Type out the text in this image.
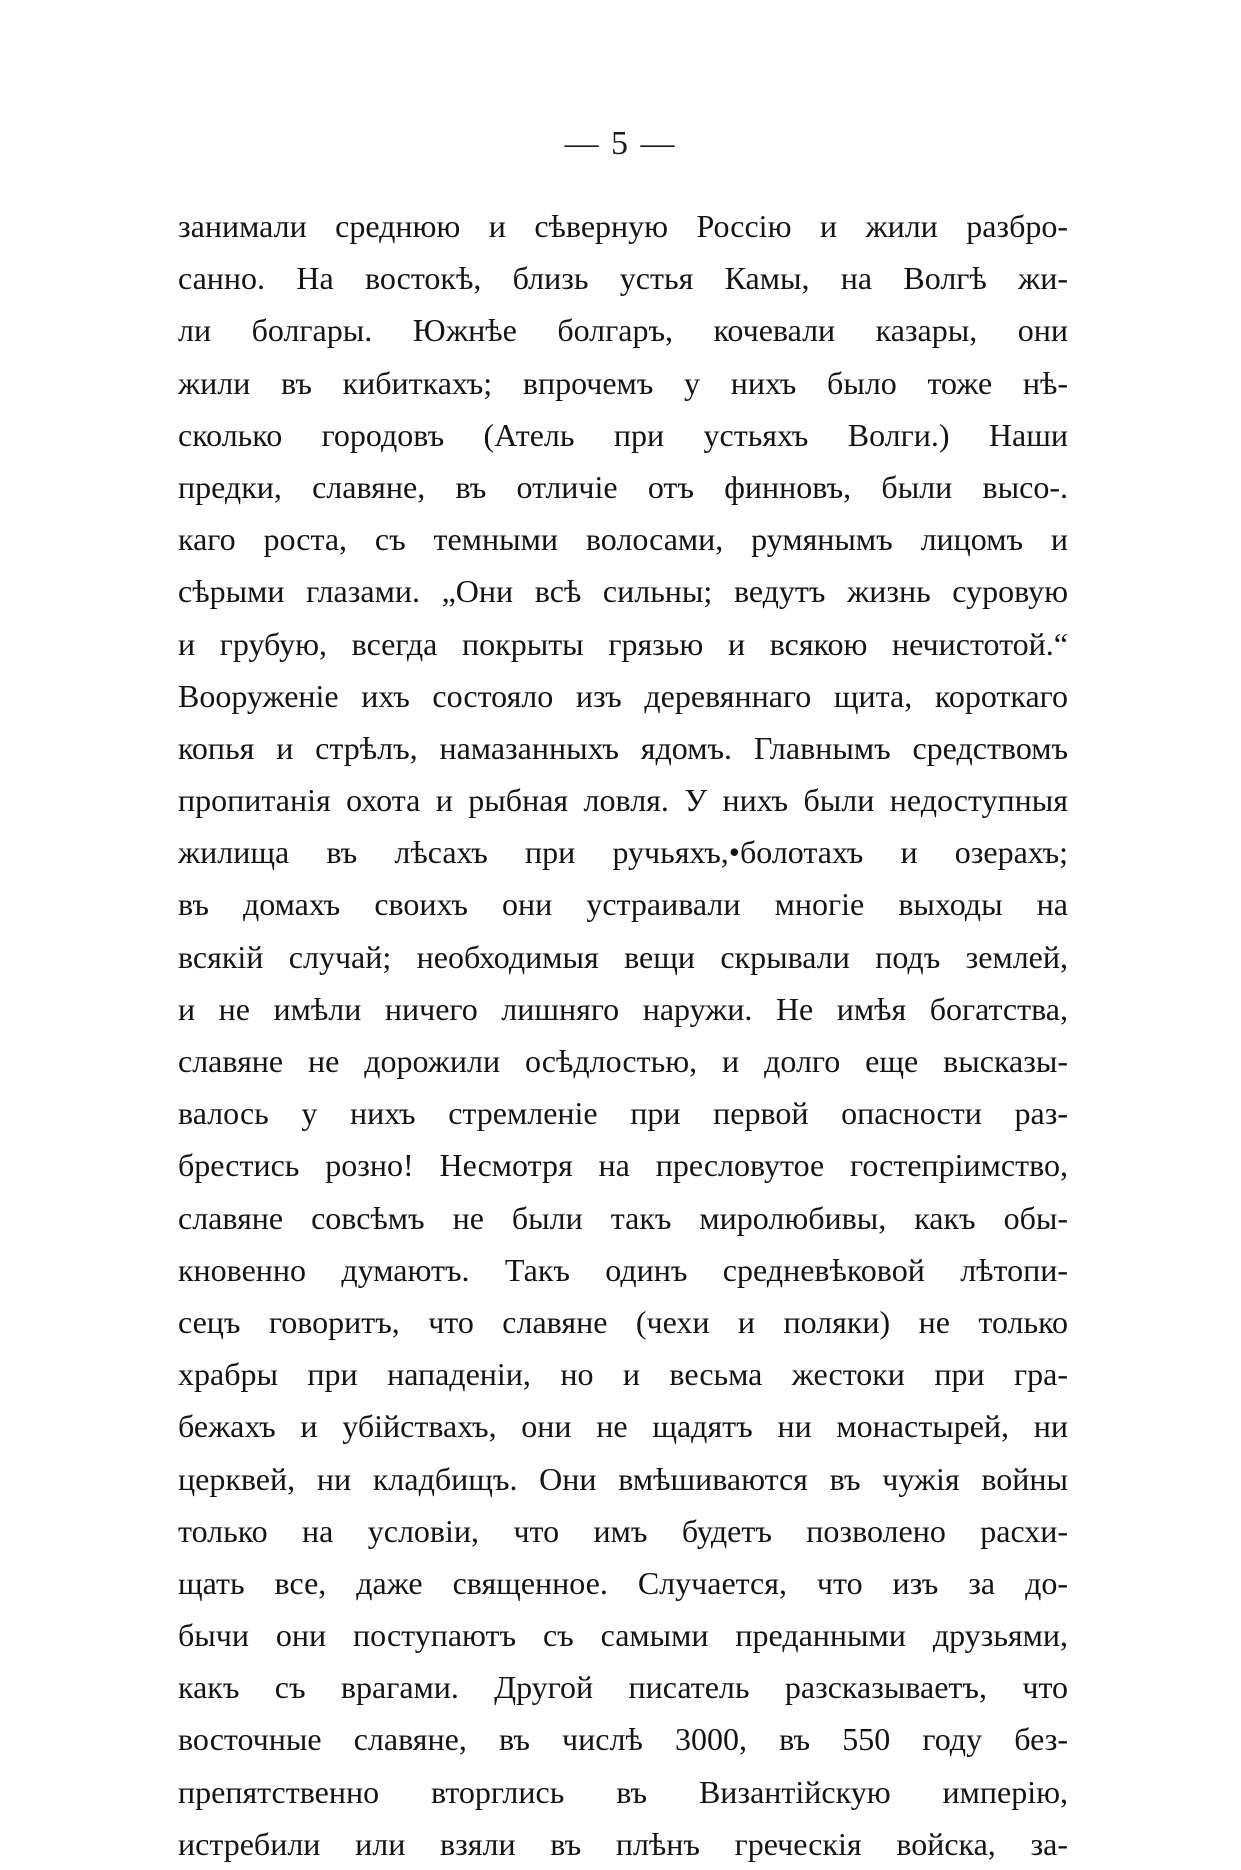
— 5 —
занимали среднюю и сѣверную Россію и жили разбро-
санно. На востокѣ, близь устья Камы, на Волгѣ жи-
ли болгары. Южнѣе болгаръ, кочевали казары, они
жили въ кибиткахъ; впрочемъ у нихъ было тоже нѣ-
сколько городовъ (Атель при устьяхъ Волги.) Наши
предки, славяне, въ отличіе отъ финновъ, были высо-.
каго роста, съ темными волосами, румянымъ лицомъ и
сѣрыми глазами. „Они всѣ сильны; ведутъ жизнь суровую
и грубую, всегда покрыты грязью и всякою нечистотой.“
Вооруженіе ихъ состояло изъ деревяннаго щита, короткаго
копья и стрѣлъ, намазанныхъ ядомъ. Главнымъ средствомъ
пропитанія охота и рыбная ловля. У нихъ были недоступныя
жилища въ лѣсахъ при ручьяхъ,•болотахъ и озерахъ;
въ домахъ своихъ они устраивали многіе выходы на
всякій случай; необходимыя вещи скрывали подъ землей,
и не имѣли ничего лишняго наружи. Не имѣя богатства,
славяне не дорожили осѣдлостью, и долго еще высказы-
валось у нихъ стремленіе при первой опасности раз-
брестись розно! Несмотря на пресловутое гостепріимство,
славяне совсѣмъ не были такъ миролюбивы, какъ обы-
кновенно думаютъ. Такъ одинъ средневѣковой лѣтопи-
сецъ говоритъ, что славяне (чехи и поляки) не только
храбры при нападеніи, но и весьма жестоки при гра-
бежахъ и убійствахъ, они не щадятъ ни монастырей, ни
церквей, ни кладбищъ. Они вмѣшиваются въ чужія войны
только на условіи, что имъ будетъ позволено расхи-
щать все, даже священное. Случается, что изъ за до-
бычи они поступаютъ съ самыми преданными друзьями,
какъ съ врагами. Другой писатель разсказываетъ, что
восточные славяне, въ числѣ 3000, въ 550 году без-
препятственно вторглись въ Византійскую имперію,
истребили или взяли въ плѣнъ греческія войска, за-
